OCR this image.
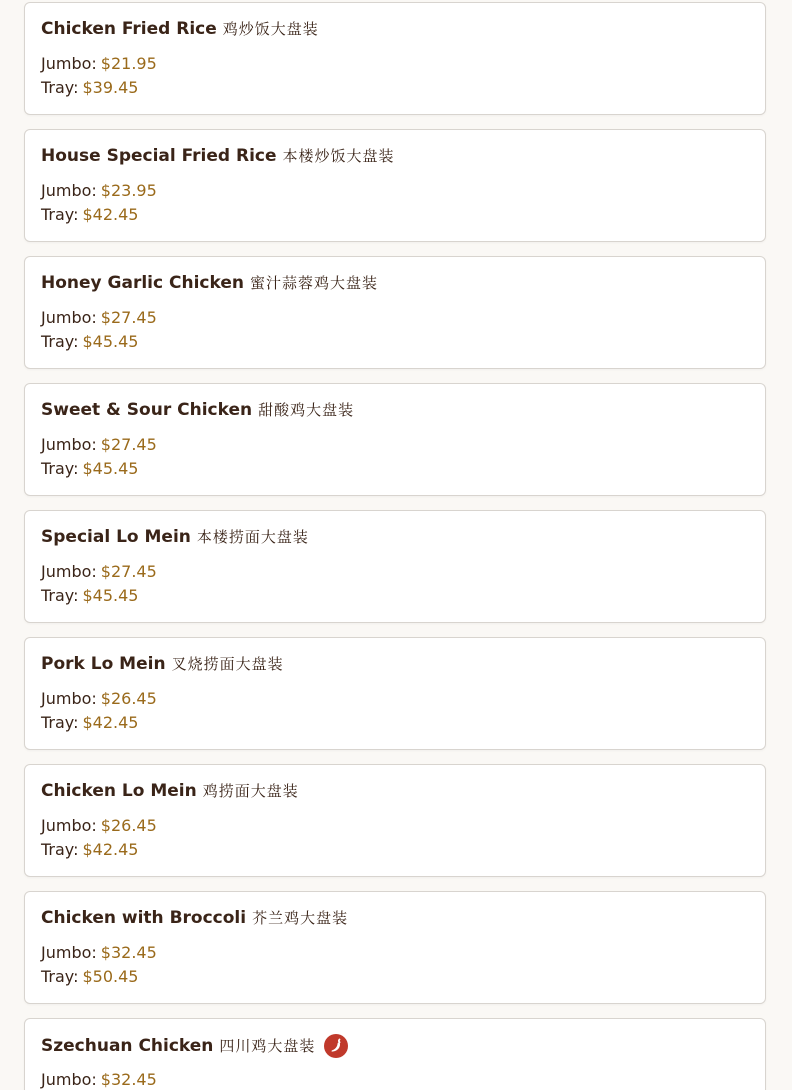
Chicken Fried Rice 鸡炒饭大盘装

Jumbo: $21.95

Tray: $39.45

House Special Fried Rice 本楼炒饭大盘装

Jumbo: $23.95

Tray: $42.45

Honey Garlic Chicken 蜜汁蒜蓉鸡大盘装

Jumbo: $27.45

Tray: $45.45

Sweet & Sour Chicken 甜酸鸡大盘装

Jumbo: $27.45

Tray: $45.45

Special Lo Mein 本楼捞面大盘装

Jumbo: $27.45

Tray: $45.45

Pork Lo Mein 叉烧捞面大盘装

Jumbo: $26.45

Tray: $42.45

Chicken Lo Mein 鸡捞面大盘装

Jumbo: $26.45

Tray: $42.45

Chicken with Broccoli 芥兰鸡大盘装

Jumbo: $32.45

Tray: $50.45

Szechuan Chicken 四川鸡大盘装

Jumbo: $32.45
